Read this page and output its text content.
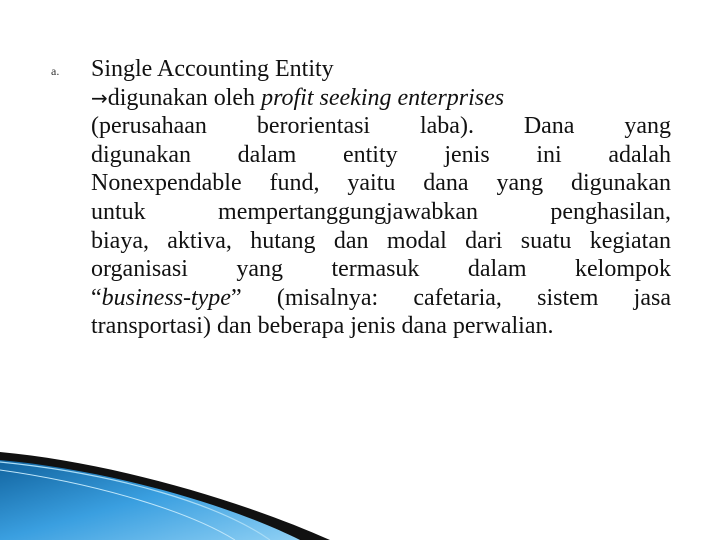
a. Single Accounting Entity
→digunakan oleh profit seeking enterprises
(perusahaan berorientasi laba). Dana yang
digunakan dalam entity jenis ini adalah
Nonexpendable fund, yaitu dana yang digunakan
untuk mempertanggungjawabkan penghasilan,
biaya, aktiva, hutang dan modal dari suatu kegiatan
organisasi yang termasuk dalam kelompok
“business-type” (misalnya: cafetaria, sistem jasa
transportasi) dan beberapa jenis dana perwalian.
